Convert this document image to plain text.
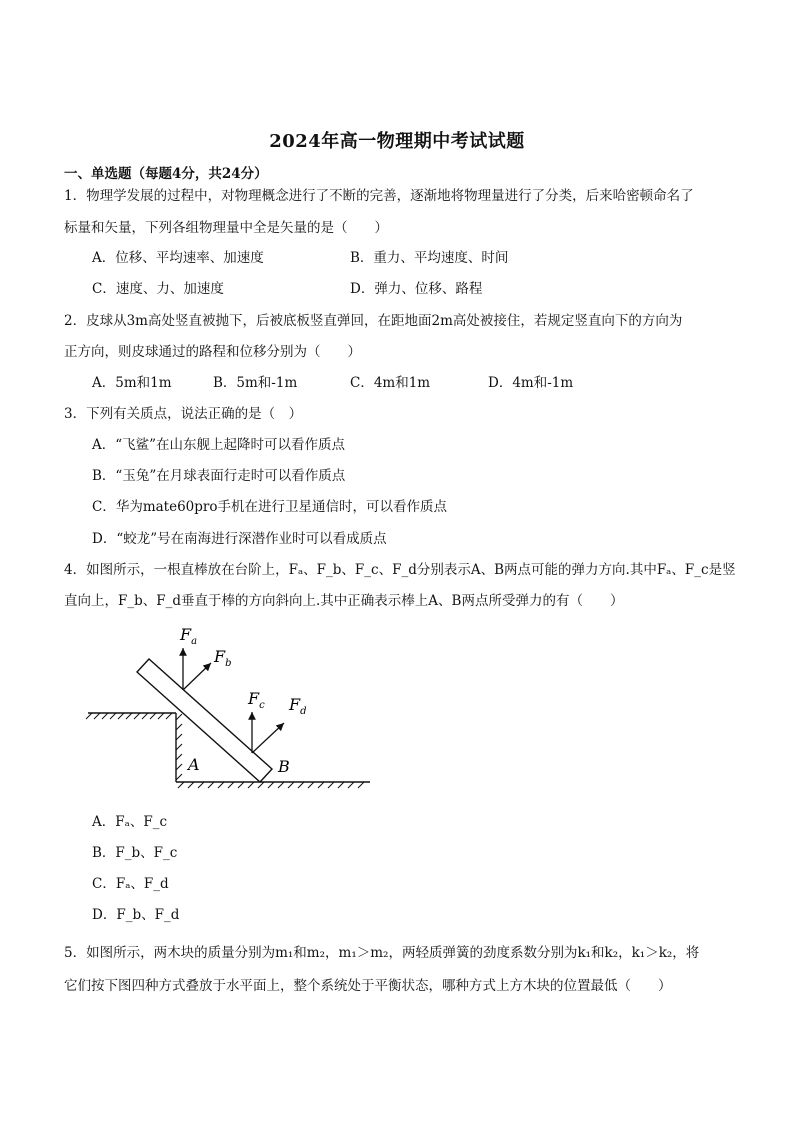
2024年高一物理期中考试试题
一、单选题（每题4分，共24分）
1．物理学发展的过程中，对物理概念进行了不断的完善，逐渐地将物理量进行了分类，后来哈密顿命名了
标量和矢量，下列各组物理量中全是矢量的是（　　）
A．位移、平均速率、加速度	B．重力、平均速度、时间
C．速度、力、加速度	D．弹力、位移、路程
2．皮球从3m高处竖直被抛下，后被底板竖直弹回，在距地面2m高处被接住，若规定竖直向下的方向为
正方向，则皮球通过的路程和位移分别为（　　）
A．5m和1m	B．5m和-1m	C．4m和1m	D．4m和-1m
3．下列有关质点，说法正确的是（　）
A．“飞鲨”在山东舰上起降时可以看作质点
B．“玉兔”在月球表面行走时可以看作质点
C．华为mate60pro手机在进行卫星通信时，可以看作质点
D．“蛟龙”号在南海进行深潜作业时可以看成质点
4．如图所示，一根直棒放在台阶上，Fₐ、F_b、F_c、F_d分别表示A、B两点可能的弹力方向.其中Fₐ、F_c是竖
直向上，F_b、F_d垂直于棒的方向斜向上.其中正确表示棒上A、B两点所受弹力的有（　　）
$F_a$
$F_b$
$F_c$ $F_d$
A	B
A．Fₐ、F_c
B．F_b、F_c
C．Fₐ、F_d
D．F_b、F_d
5．如图所示，两木块的质量分别为m₁和m₂，m₁＞m₂，两轻质弹簧的劲度系数分别为k₁和k₂，k₁＞k₂，将
它们按下图四种方式叠放于水平面上，整个系统处于平衡状态，哪种方式上方木块的位置最低（　　）
